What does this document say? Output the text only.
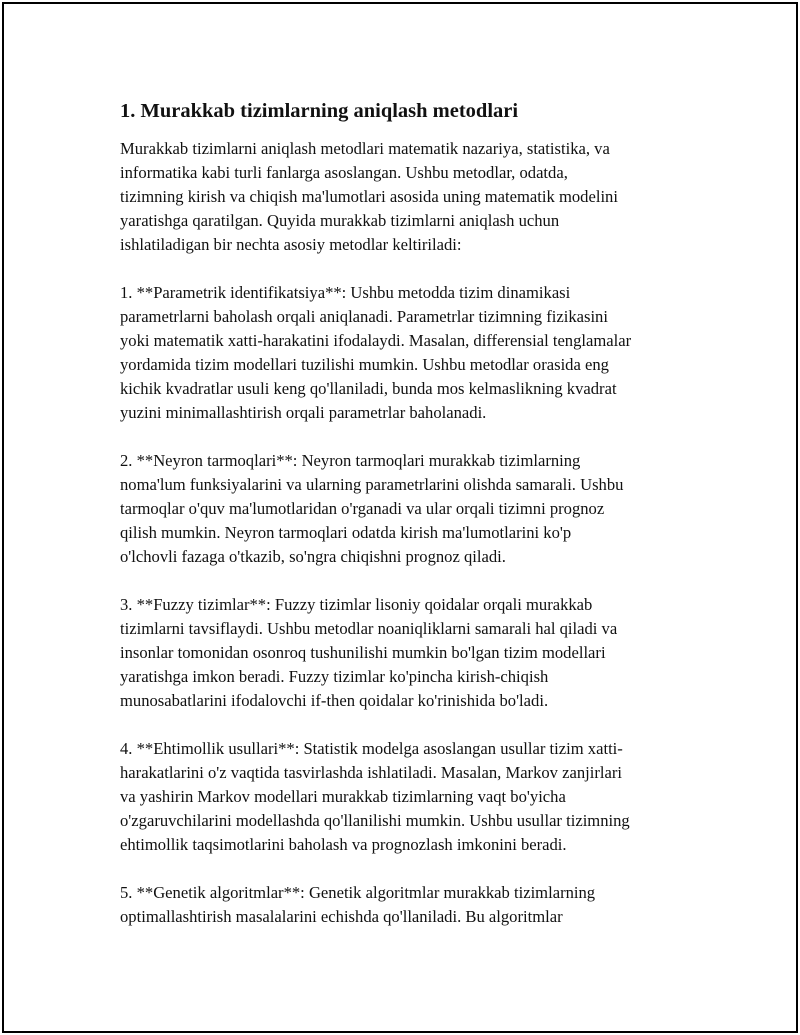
1. Murakkab tizimlarning aniqlash metodlari

Murakkab tizimlarni aniqlash metodlari matematik nazariya, statistika, va
informatika kabi turli fanlarga asoslangan. Ushbu metodlar, odatda,
tizimning kirish va chiqish ma'lumotlari asosida uning matematik modelini
yaratishga qaratilgan. Quyida murakkab tizimlarni aniqlash uchun
ishlatiladigan bir nechta asosiy metodlar keltiriladi:

1. **Parametrik identifikatsiya**: Ushbu metodda tizim dinamikasi
parametrlarni baholash orqali aniqlanadi. Parametrlar tizimning fizikasini
yoki matematik xatti-harakatini ifodalaydi. Masalan, differensial tenglamalar
yordamida tizim modellari tuzilishi mumkin. Ushbu metodlar orasida eng
kichik kvadratlar usuli keng qo'llaniladi, bunda mos kelmaslikning kvadrat
yuzini minimallashtirish orqali parametrlar baholanadi.

2. **Neyron tarmoqlari**: Neyron tarmoqlari murakkab tizimlarning
noma'lum funksiyalarini va ularning parametrlarini olishda samarali. Ushbu
tarmoqlar o'quv ma'lumotlaridan o'rganadi va ular orqali tizimni prognoz
qilish mumkin. Neyron tarmoqlari odatda kirish ma'lumotlarini ko'p
o'lchovli fazaga o'tkazib, so'ngra chiqishni prognoz qiladi.

3. **Fuzzy tizimlar**: Fuzzy tizimlar lisoniy qoidalar orqali murakkab
tizimlarni tavsiflaydi. Ushbu metodlar noaniqliklarni samarali hal qiladi va
insonlar tomonidan osonroq tushunilishi mumkin bo'lgan tizim modellari
yaratishga imkon beradi. Fuzzy tizimlar ko'pincha kirish-chiqish
munosabatlarini ifodalovchi if-then qoidalar ko'rinishida bo'ladi.

4. **Ehtimollik usullari**: Statistik modelga asoslangan usullar tizim xatti-
harakatlarini o'z vaqtida tasvirlashda ishlatiladi. Masalan, Markov zanjirlari
va yashirin Markov modellari murakkab tizimlarning vaqt bo'yicha
o'zgaruvchilarini modellashda qo'llanilishi mumkin. Ushbu usullar tizimning
ehtimollik taqsimotlarini baholash va prognozlash imkonini beradi.

5. **Genetik algoritmlar**: Genetik algoritmlar murakkab tizimlarning
optimallashtirish masalalarini echishda qo'llaniladi. Bu algoritmlar
